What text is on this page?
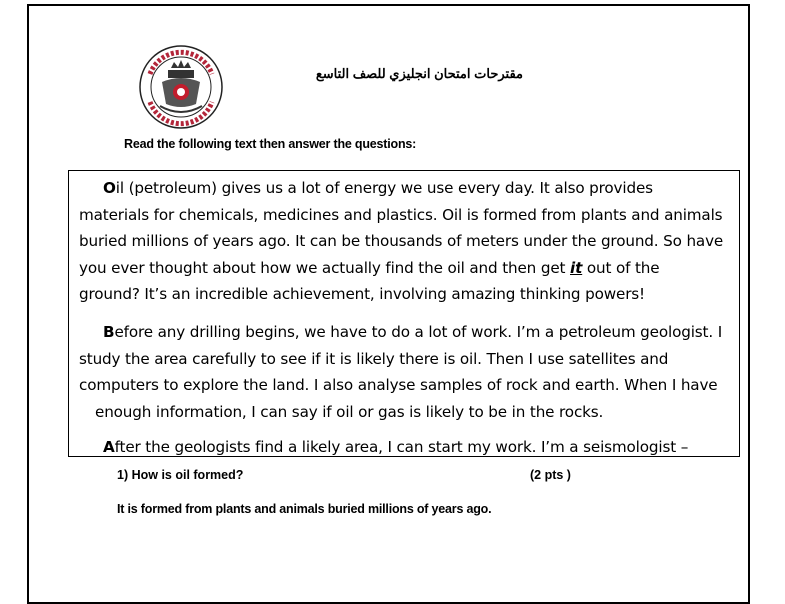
مقترحات امتحان انجليزي للصف التاسع
Read the following text then answer the questions:
Oil (petroleum) gives us a lot of energy we use every day. It also provides
materials for chemicals, medicines and plastics. Oil is formed from plants and animals
buried millions of years ago. It can be thousands of meters under the ground. So have
you ever thought about how we actually find the oil and then get it out of the
ground? It’s an incredible achievement, involving amazing thinking powers!
Before any drilling begins, we have to do a lot of work. I’m a petroleum geologist. I
study the area carefully to see if it is likely there is oil. Then I use satellites and
computers to explore the land. I also analyse samples of rock and earth. When I have
enough information, I can say if oil or gas is likely to be in the rocks.
After the geologists find a likely area, I can start my work. I’m a seismologist –
1) How is oil formed?	(2 pts )
It is formed from plants and animals buried millions of years ago.
